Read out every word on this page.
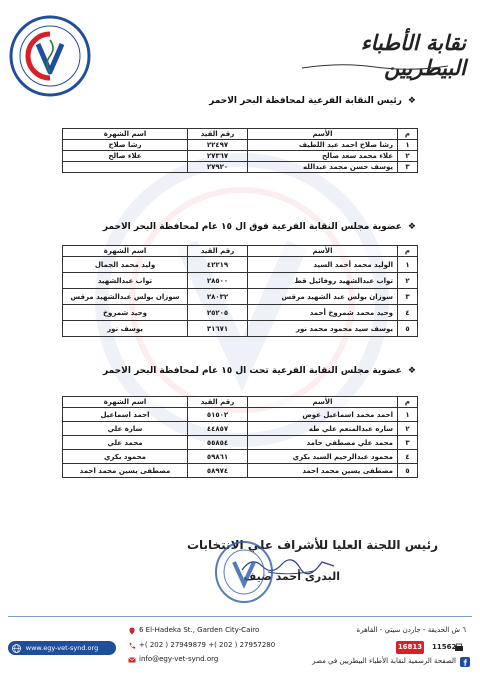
نقابة الأطباء البيطريين
❖رئيس النقابة الفرعية لمحافظة البحر الاحمر
م	الأسم	رقم القيد	اسم الشهرة
١	رشا صلاح احمد عبد اللطيف	٢٢٤٩٧	رشا صلاح
٢	علاء محمد سعد صالح	٢٧٣٦٧	علاء صالح
٣	يوسف حسن محمد عبدالله	٢٧٩٢٠	
❖عضوية مجلس النقابة الفرعية فوق ال ١٥ عام لمحافظة البحر الاحمر
م	الأسم	رقم القيد	اسم الشهرة
١	الوليد محمد أحمد السيد	٤٢٢١٩	وليد محمد الجمال
٢	تواب عبدالشهيد روفائيل قط	٢٨٥٠٠	تواب عبدالشهيد
٣	سوزان بولس عبد الشهيد مرقس	٢٨٠٣٢	سوزان بولس عبدالشهيد مرقس
٤	وحيد محمد شمروخ أحمد	٢٥٢٠٥	وحيد شمروخ
٥	يوسف سيد محمود محمد نور	٣١٦٧١	يوسف نور
❖عضوية مجلس النقابة الفرعية تحت ال ١٥ عام لمحافظة البحر الاحمر
م	الأسم	رقم القيد	اسم الشهرة
١	احمد محمد اسماعيل عوض	٥١٥٠٢	احمد اسماعيل
٢	ساره عبدالمنعم علي طه	٤٤٨٥٧	سارة علي
٣	محمد علي مصطفي حامد	٥٥٨٥٤	محمد علي
٤	محمود عبدالرحيم السيد بكري	٥٩٨٦١	محمود بكري
٥	مصطفى يسين محمد احمد	٥٨٩٧٤	مصطفى يسين محمد احمد
رئيس اللجنة العليا للأشراف علي الانتخابات
البدرى أحمد ضيف
6 El-Hadeka St., Garden City-Cairo
+( 202 ) 27949879 +( 202 ) 27957280
info@egy-vet-synd.org
www.egy-vet-synd.org
٦ ش الحديقة - جاردن سيتي - القاهرة
16813 11562
الصفحة الرسمية لنقابة الأطباء البيطريين في مصر
